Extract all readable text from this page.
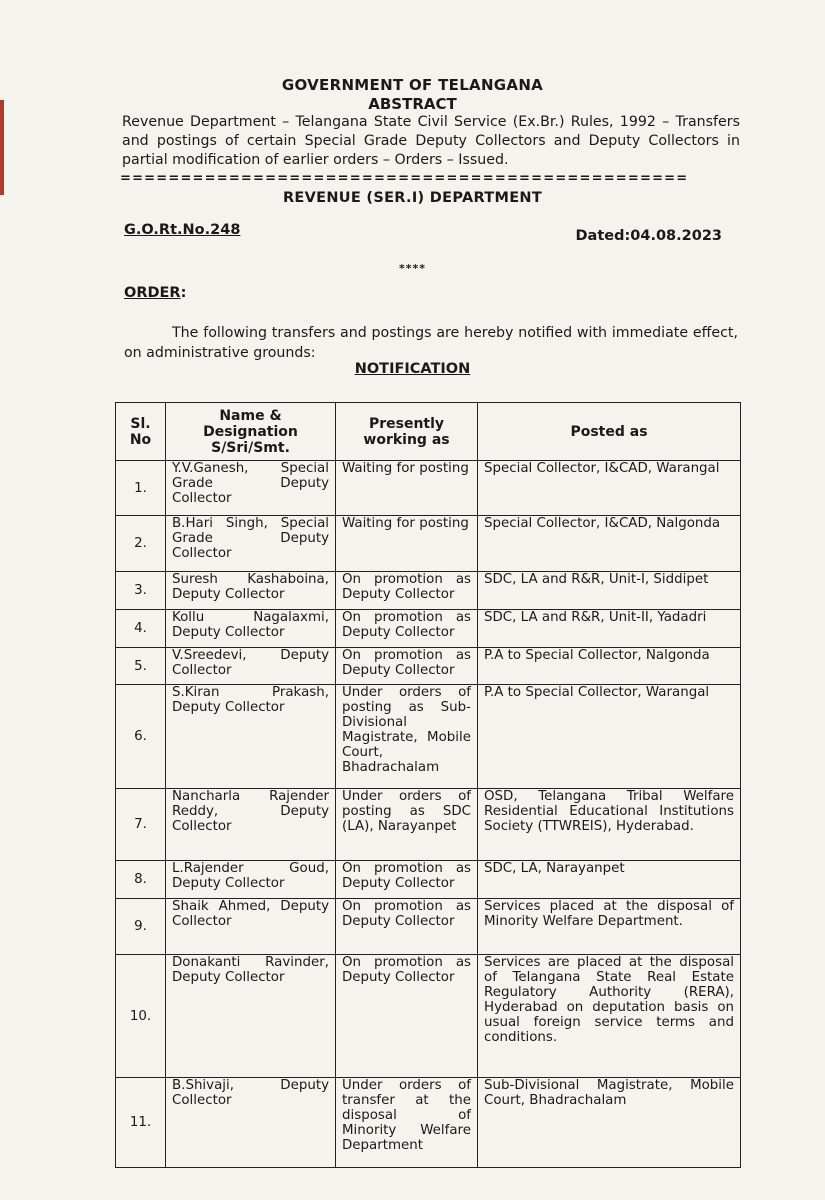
GOVERNMENT OF TELANGANA
ABSTRACT
Revenue Department – Telangana State Civil Service (Ex.Br.) Rules, 1992 – Transfers and postings of certain Special Grade Deputy Collectors and Deputy Collectors in partial modification of earlier orders – Orders – Issued.
===============================================
REVENUE (SER.I) DEPARTMENT
G.O.Rt.No.248	Dated:04.08.2023
****
ORDER:
The following transfers and postings are hereby notified with immediate effect, on administrative grounds:
NOTIFICATION
Sl. No	Name & Designation S/Sri/Smt.	Presently working as	Posted as
1.	Y.V.Ganesh, Special Grade Deputy Collector	Waiting for posting	Special Collector, I&CAD, Warangal
2.	B.Hari Singh, Special Grade Deputy Collector	Waiting for posting	Special Collector, I&CAD, Nalgonda
3.	Suresh Kashaboina, Deputy Collector	On promotion as Deputy Collector	SDC, LA and R&R, Unit-I, Siddipet
4.	Kollu Nagalaxmi, Deputy Collector	On promotion as Deputy Collector	SDC, LA and R&R, Unit-II, Yadadri
5.	V.Sreedevi, Deputy Collector	On promotion as Deputy Collector	P.A to Special Collector, Nalgonda
6.	S.Kiran Prakash, Deputy Collector	Under orders of posting as Sub-Divisional Magistrate, Mobile Court, Bhadrachalam	P.A to Special Collector, Warangal
7.	Nancharla Rajender Reddy, Deputy Collector	Under orders of posting as SDC (LA), Narayanpet	OSD, Telangana Tribal Welfare Residential Educational Institutions Society (TTWREIS), Hyderabad.
8.	L.Rajender Goud, Deputy Collector	On promotion as Deputy Collector	SDC, LA, Narayanpet
9.	Shaik Ahmed, Deputy Collector	On promotion as Deputy Collector	Services placed at the disposal of Minority Welfare Department.
10.	Donakanti Ravinder, Deputy Collector	On promotion as Deputy Collector	Services are placed at the disposal of Telangana State Real Estate Regulatory Authority (RERA), Hyderabad on deputation basis on usual foreign service terms and conditions.
11.	B.Shivaji, Deputy Collector	Under orders of transfer at the disposal of Minority Welfare Department	Sub-Divisional Magistrate, Mobile Court, Bhadrachalam
